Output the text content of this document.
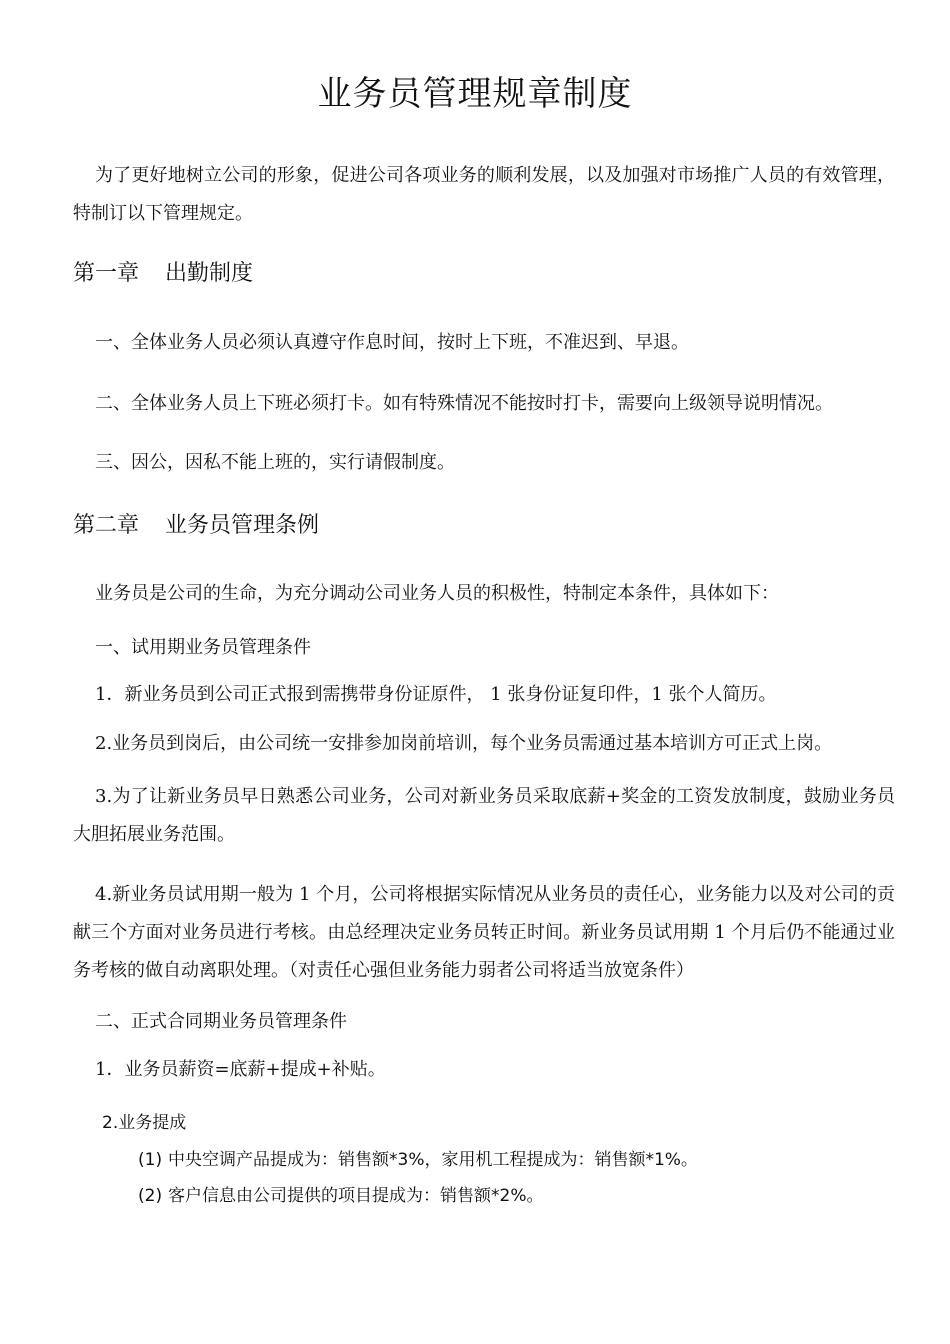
业务员管理规章制度
为了更好地树立公司的形象，促进公司各项业务的顺利发展，以及加强对市场推广人员的有效管理，特制订以下管理规定。
第一章 出勤制度
一、全体业务人员必须认真遵守作息时间，按时上下班，不准迟到、早退。
二、全体业务人员上下班必须打卡。如有特殊情况不能按时打卡，需要向上级领导说明情况。
三、因公，因私不能上班的，实行请假制度。
第二章 业务员管理条例
业务员是公司的生命，为充分调动公司业务人员的积极性，特制定本条件，具体如下：
一、试用期业务员管理条件
1．新业务员到公司正式报到需携带身份证原件， 1 张身份证复印件，1 张个人简历。
2.业务员到岗后，由公司统一安排参加岗前培训，每个业务员需通过基本培训方可正式上岗。
3.为了让新业务员早日熟悉公司业务，公司对新业务员采取底薪+奖金的工资发放制度，鼓励业务员大胆拓展业务范围。
4.新业务员试用期一般为 1 个月，公司将根据实际情况从业务员的责任心，业务能力以及对公司的贡献三个方面对业务员进行考核。由总经理决定业务员转正时间。新业务员试用期 1 个月后仍不能通过业务考核的做自动离职处理。（对责任心强但业务能力弱者公司将适当放宽条件）
二、正式合同期业务员管理条件
1．业务员薪资=底薪+提成+补贴。
2.业务提成
(1) 中央空调产品提成为：销售额*3%，家用机工程提成为：销售额*1%。
(2) 客户信息由公司提供的项目提成为：销售额*2%。
